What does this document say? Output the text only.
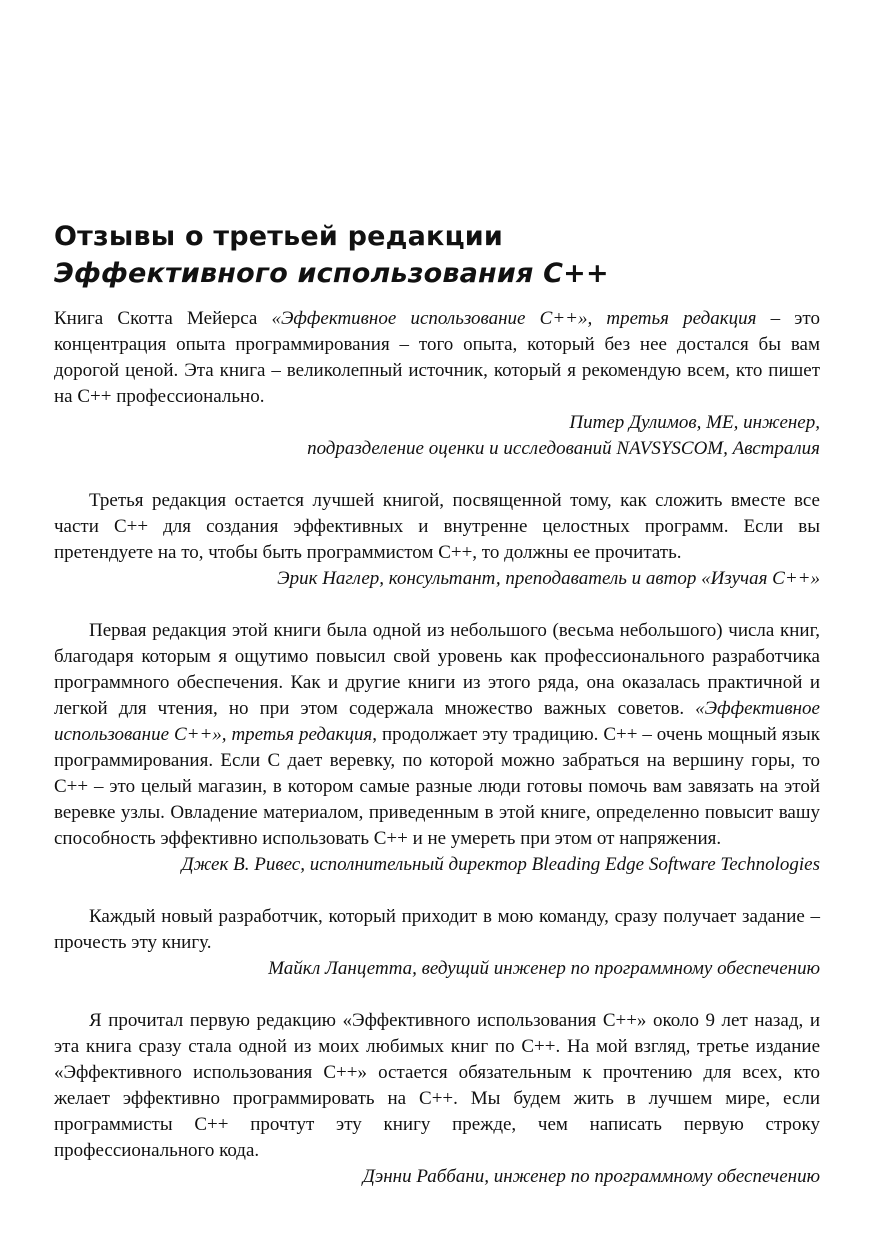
Отзывы о третьей редакции
Эффективного использования C++

Книга Скотта Мейерса «Эффективное использование C++», третья редакция – это концентрация опыта программирования – того опыта, который без нее достался бы вам дорогой ценой. Эта книга – великолепный источник, который я рекомендую всем, кто пишет на C++ профессионально.

Питер Дулимов, ME, инженер,
подразделение оценки и исследований NAVSYSCOM, Австралия

Третья редакция остается лучшей книгой, посвященной тому, как сложить вместе все части C++ для создания эффективных и внутренне целостных программ. Если вы претендуете на то, чтобы быть программистом C++, то должны ее прочитать.

Эрик Наглер, консультант, преподаватель и автор «Изучая C++»

Первая редакция этой книги была одной из небольшого (весьма небольшого) числа книг, благодаря которым я ощутимо повысил свой уровень как профессионального разработчика программного обеспечения. Как и другие книги из этого ряда, она оказалась практичной и легкой для чтения, но при этом содержала множество важных советов. «Эффективное использование C++», третья редакция, продолжает эту традицию. C++ – очень мощный язык программирования. Если C дает веревку, по которой можно забраться на вершину горы, то C++ – это целый магазин, в котором самые разные люди готовы помочь вам завязать на этой веревке узлы. Овладение материалом, приведенным в этой книге, определенно повысит вашу способность эффективно использовать C++ и не умереть при этом от напряжения.

Джек В. Ривес, исполнительный директор Bleading Edge Software Technologies

Каждый новый разработчик, который приходит в мою команду, сразу получает задание – прочесть эту книгу.

Майкл Ланцетта, ведущий инженер по программному обеспечению

Я прочитал первую редакцию «Эффективного использования C++» около 9 лет назад, и эта книга сразу стала одной из моих любимых книг по C++. На мой взгляд, третье издание «Эффективного использования C++» остается обязательным к прочтению для всех, кто желает эффективно программировать на C++. Мы будем жить в лучшем мире, если программисты C++ прочтут эту книгу прежде, чем написать первую строку профессионального кода.

Дэнни Раббани, инженер по программному обеспечению
